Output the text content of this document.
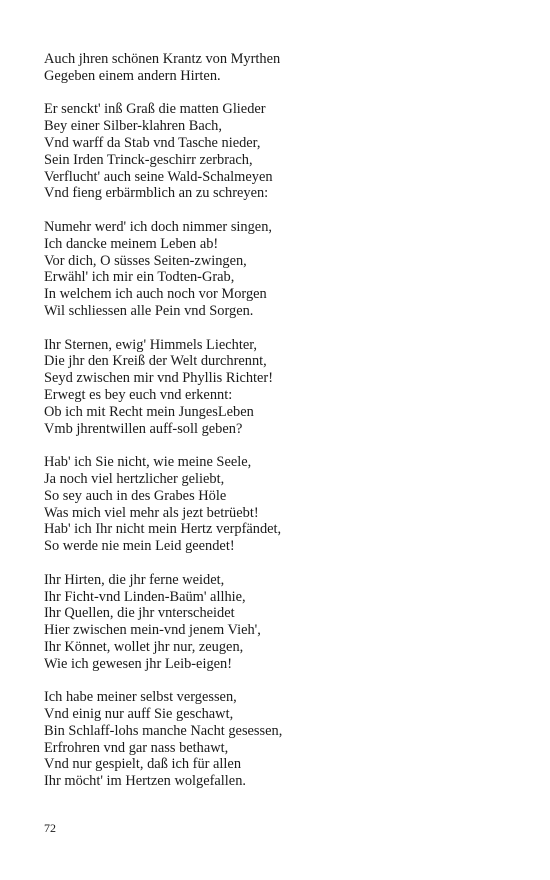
Auch jhren schönen Krantz von Myrthen
Gegeben einem andern Hirten.
Er senckt' inß Graß die matten Glieder
Bey einer Silber-klahren Bach,
Vnd warff da Stab vnd Tasche nieder,
Sein Irden Trinck-geschirr zerbrach,
Verflucht' auch seine Wald-Schalmeyen
Vnd fieng erbärmblich an zu schreyen:
Numehr werd' ich doch nimmer singen,
Ich dancke meinem Leben ab!
Vor dich, O süsses Seiten-zwingen,
Erwähl' ich mir ein Todten-Grab,
In welchem ich auch noch vor Morgen
Wil schliessen alle Pein vnd Sorgen.
Ihr Sternen, ewig' Himmels Liechter,
Die jhr den Kreiß der Welt durchrennt,
Seyd zwischen mir vnd Phyllis Richter!
Erwegt es bey euch vnd erkennt:
Ob ich mit Recht mein JungesLeben
Vmb jhrentwillen auff-soll geben?
Hab' ich Sie nicht, wie meine Seele,
Ja noch viel hertzlicher geliebt,
So sey auch in des Grabes Höle
Was mich viel mehr als jezt betrüebt!
Hab' ich Ihr nicht mein Hertz verpfändet,
So werde nie mein Leid geendet!
Ihr Hirten, die jhr ferne weidet,
Ihr Ficht-vnd Linden-Baüm' allhie,
Ihr Quellen, die jhr vnterscheidet
Hier zwischen mein-vnd jenem Vieh',
Ihr Könnet, wollet jhr nur, zeugen,
Wie ich gewesen jhr Leib-eigen!
Ich habe meiner selbst vergessen,
Vnd einig nur auff Sie geschawt,
Bin Schlaff-lohs manche Nacht gesessen,
Erfrohren vnd gar nass bethawt,
Vnd nur gespielt, daß ich für allen
Ihr möcht' im Hertzen wolgefallen.
72
